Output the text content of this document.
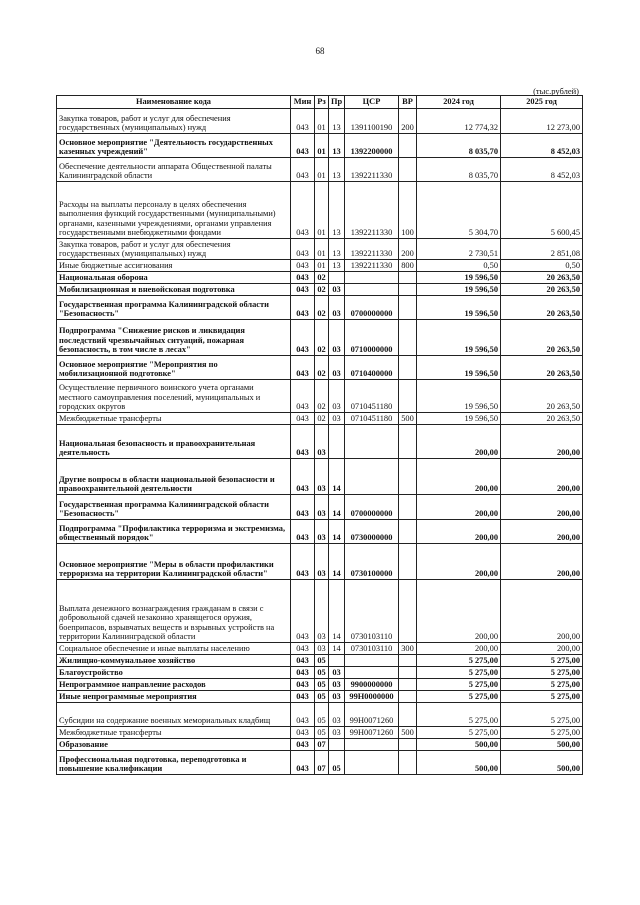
68
(тыс.рублей)
Наименование кода	Мин	Рз	Пр	ЦСР	ВР	2024 год	2025 год
Закупка товаров, работ и услуг для обеспечения государственных (муниципальных) нужд	043	01	13	1391100190	200	12 774,32	12 273,00
Основное мероприятие "Деятельность государственных казенных учреждений"	043	01	13	1392200000		8 035,70	8 452,03
Обеспечение деятельности аппарата Общественной палаты Калининградской области	043	01	13	1392211330		8 035,70	8 452,03
Расходы на выплаты персоналу в целях обеспечения выполнения функций государственными (муниципальными) органами, казенными учреждениями, органами управления государственными внебюджетными фондами	043	01	13	1392211330	100	5 304,70	5 600,45
Закупка товаров, работ и услуг для обеспечения государственных (муниципальных) нужд	043	01	13	1392211330	200	2 730,51	2 851,08
Иные бюджетные ассигнования	043	01	13	1392211330	800	0,50	0,50
Национальная оборона	043	02				19 596,50	20 263,50
Мобилизационная и вневойсковая подготовка	043	02	03			19 596,50	20 263,50
Государственная программа Калининградской области "Безопасность"	043	02	03	0700000000		19 596,50	20 263,50
Подпрограмма "Снижение рисков и ликвидация последствий чрезвычайных ситуаций, пожарная безопасность, в том числе в лесах"	043	02	03	0710000000		19 596,50	20 263,50
Основное мероприятие "Мероприятия по мобилизационной подготовке"	043	02	03	0710400000		19 596,50	20 263,50
Осуществление первичного воинского учета органами местного самоуправления поселений, муниципальных и городских округов	043	02	03	0710451180		19 596,50	20 263,50
Межбюджетные трансферты	043	02	03	0710451180	500	19 596,50	20 263,50
Национальная безопасность и правоохранительная деятельность	043	03				200,00	200,00
Другие вопросы в области национальной безопасности и правоохранительной деятельности	043	03	14			200,00	200,00
Государственная программа Калининградской области "Безопасность"	043	03	14	0700000000		200,00	200,00
Подпрограмма "Профилактика терроризма и экстремизма, общественный порядок"	043	03	14	0730000000		200,00	200,00
Основное мероприятие "Меры в области профилактики терроризма на территории Калининградской области"	043	03	14	0730100000		200,00	200,00
Выплата денежного вознаграждения гражданам в связи с добровольной сдачей незаконно хранящегося оружия, боеприпасов, взрывчатых веществ и взрывных устройств на территории Калининградской области	043	03	14	0730103110		200,00	200,00
Социальное обеспечение и иные выплаты населению	043	03	14	0730103110	300	200,00	200,00
Жилищно-коммунальное хозяйство	043	05				5 275,00	5 275,00
Благоустройство	043	05	03			5 275,00	5 275,00
Непрограммное направление расходов	043	05	03	9900000000		5 275,00	5 275,00
Иные непрограммные мероприятия	043	05	03	99Н0000000		5 275,00	5 275,00
Субсидии на содержание военных мемориальных кладбищ	043	05	03	99Н0071260		5 275,00	5 275,00
Межбюджетные трансферты	043	05	03	99Н0071260	500	5 275,00	5 275,00
Образование	043	07				500,00	500,00
Профессиональная подготовка, переподготовка и повышение квалификации	043	07	05			500,00	500,00
